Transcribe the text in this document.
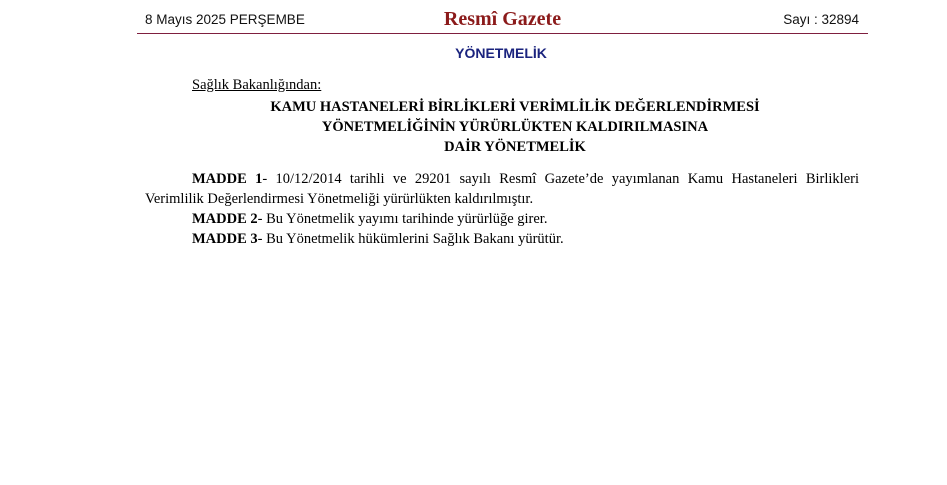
8 Mayıs 2025 PERŞEMBE	Resmî Gazete	Sayı : 32894
YÖNETMELİK
Sağlık Bakanlığından:
KAMU HASTANELERİ BİRLİKLERİ VERİMLİLİK DEĞERLENDİRMESİ
YÖNETMELİĞİNİN YÜRÜRLÜKTEN KALDIRILMASINA
DAİR YÖNETMELİK
MADDE 1- 10/12/2014 tarihli ve 29201 sayılı Resmî Gazete’de yayımlanan Kamu Hastaneleri Birlikleri Verimlilik Değerlendirmesi Yönetmeliği yürürlükten kaldırılmıştır.
MADDE 2- Bu Yönetmelik yayımı tarihinde yürürlüğe girer.
MADDE 3- Bu Yönetmelik hükümlerini Sağlık Bakanı yürütür.
